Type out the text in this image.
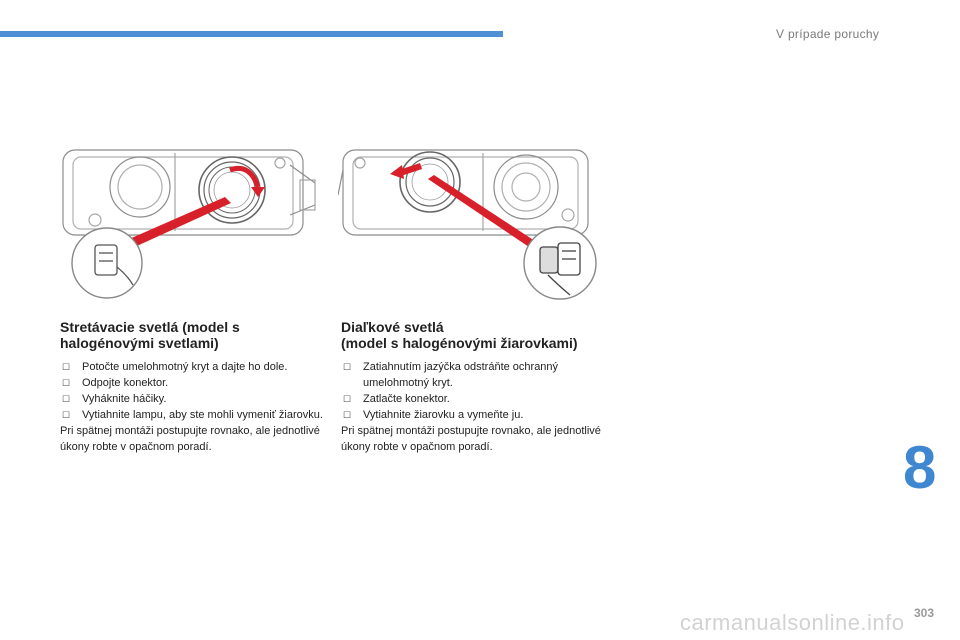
V prípade poruchy
Stretávacie svetlá (model s
halogénovými svetlami)
☐ Potočte umelohmotný kryt a dajte ho dole.
☐ Odpojte konektor.
☐ Vyháknite háčiky.
☐ Vytiahnite lampu, aby ste mohli vymeniť žiarovku.

Pri spätnej montáži postupujte rovnako, ale jednotlivé úkony robte v opačnom poradí.

Diaľkové svetlá
(model s halogénovými žiarovkami)
☐ Zatiahnutím jazýčka odstráňte ochranný umelohmotný kryt.
☐ Zatlačte konektor.
☐ Vytiahnite žiarovku a vymeňte ju.

Pri spätnej montáži postupujte rovnako, ale jednotlivé úkony robte v opačnom poradí.	8
carmanualsonline.info 303
